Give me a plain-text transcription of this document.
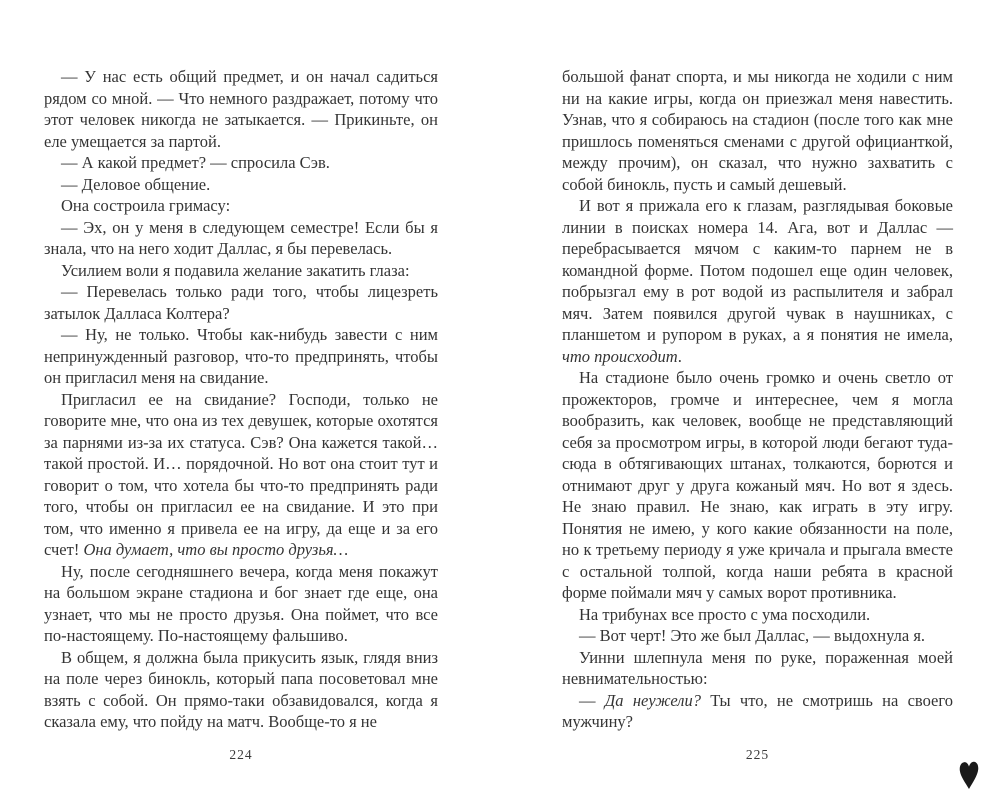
— У нас есть общий предмет, и он начал садиться рядом со мной. — Что немного раздражает, потому что этот человек никогда не затыкается. — Прикиньте, он еле умещается за партой.

— А какой предмет? — спросила Сэв.

— Деловое общение.

Она состроила гримасу:

— Эх, он у меня в следующем семестре! Если бы я знала, что на него ходит Даллас, я бы перевелась.

Усилием воли я подавила желание закатить глаза:

— Перевелась только ради того, чтобы лицезреть затылок Далласа Колтера?

— Ну, не только. Чтобы как-нибудь завести с ним непринужденный разговор, что-то предпринять, чтобы он пригласил меня на свидание.

Пригласил ее на свидание? Господи, только не говорите мне, что она из тех девушек, которые охотятся за парнями из-за их статуса. Сэв? Она кажется такой… такой простой. И… порядочной. Но вот она стоит тут и говорит о том, что хотела бы что-то предпринять ради того, чтобы он пригласил ее на свидание. И это при том, что именно я привела ее на игру, да еще и за его счет! Она думает, что вы просто друзья…

Ну, после сегодняшнего вечера, когда меня покажут на большом экране стадиона и бог знает где еще, она узнает, что мы не просто друзья. Она поймет, что все по-настоящему. По-настоящему фальшиво.

В общем, я должна была прикусить язык, глядя вниз на поле через бинокль, который папа посоветовал мне взять с собой. Он прямо-таки обзавидовался, когда я сказала ему, что пойду на матч. Вообще-то я не

большой фанат спорта, и мы никогда не ходили с ним ни на какие игры, когда он приезжал меня навестить. Узнав, что я собираюсь на стадион (после того как мне пришлось поменяться сменами с другой официанткой, между прочим), он сказал, что нужно захватить с собой бинокль, пусть и самый дешевый.

И вот я прижала его к глазам, разглядывая боковые линии в поисках номера 14. Ага, вот и Даллас — перебрасывается мячом с каким-то парнем не в командной форме. Потом подошел еще один человек, побрызгал ему в рот водой из распылителя и забрал мяч. Затем появился другой чувак в наушниках, с планшетом и рупором в руках, а я понятия не имела, что происходит.

На стадионе было очень громко и очень светло от прожекторов, громче и интереснее, чем я могла вообразить, как человек, вообще не представляющий себя за просмотром игры, в которой люди бегают туда-сюда в обтягивающих штанах, толкаются, борются и отнимают друг у друга кожаный мяч. Но вот я здесь. Не знаю правил. Не знаю, как играть в эту игру. Понятия не имею, у кого какие обязанности на поле, но к третьему периоду я уже кричала и прыгала вместе с остальной толпой, когда наши ребята в красной форме поймали мяч у самых ворот противника.

На трибунах все просто с ума посходили.

— Вот черт! Это же был Даллас, — выдохнула я.

Уинни шлепнула меня по руке, пораженная моей невнимательностью:

— Да неужели? Ты что, не смотришь на своего мужчину?

224	225
